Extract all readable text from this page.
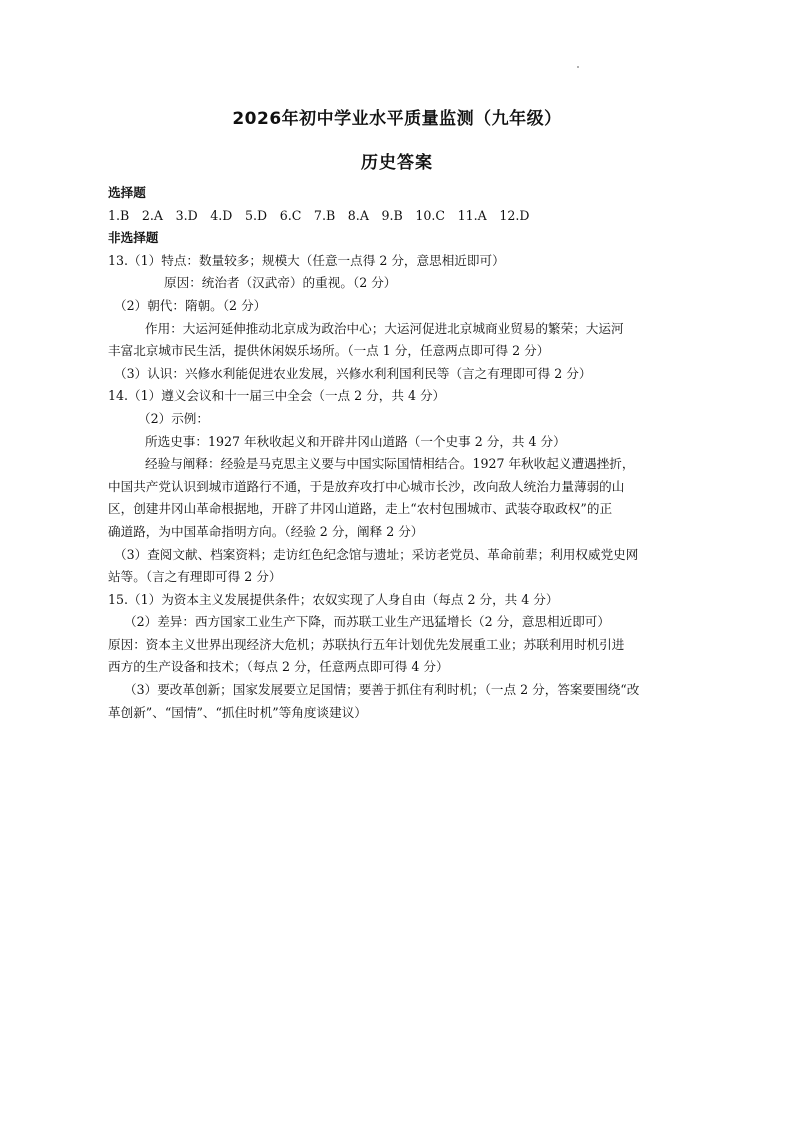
2026年初中学业水平质量监测（九年级）
历史答案
选择题
1.B　2.A　3.D　4.D　5.D　6.C　7.B　8.A　9.B　10.C　11.A　12.D
非选择题
13.（1）特点：数量较多；规模大（任意一点得 2 分，意思相近即可）
原因：统治者（汉武帝）的重视。（2 分）
（2）朝代：隋朝。（2 分）
作用：大运河延伸推动北京成为政治中心；大运河促进北京城商业贸易的繁荣；大运河
丰富北京城市民生活，提供休闲娱乐场所。（一点 1 分，任意两点即可得 2 分）
（3）认识：兴修水利能促进农业发展，兴修水利利国利民等（言之有理即可得 2 分）
14.（1）遵义会议和十一届三中全会（一点 2 分，共 4 分）
（2）示例：
所选史事：1927 年秋收起义和开辟井冈山道路（一个史事 2 分，共 4 分）
经验与阐释：经验是马克思主义要与中国实际国情相结合。1927 年秋收起义遭遇挫折，
中国共产党认识到城市道路行不通，于是放弃攻打中心城市长沙，改向敌人统治力量薄弱的山
区，创建井冈山革命根据地，开辟了井冈山道路，走上“农村包围城市、武装夺取政权”的正
确道路，为中国革命指明方向。（经验 2 分，阐释 2 分）
（3）查阅文献、档案资料；走访红色纪念馆与遗址；采访老党员、革命前辈；利用权威党史网
站等。（言之有理即可得 2 分）
15.（1）为资本主义发展提供条件；农奴实现了人身自由（每点 2 分，共 4 分）
（2）差异：西方国家工业生产下降，而苏联工业生产迅猛增长（2 分，意思相近即可）
原因：资本主义世界出现经济大危机；苏联执行五年计划优先发展重工业；苏联利用时机引进
西方的生产设备和技术；（每点 2 分，任意两点即可得 4 分）
（3）要改革创新；国家发展要立足国情；要善于抓住有利时机；（一点 2 分，答案要围绕“改
革创新”、“国情”、“抓住时机”等角度谈建议）
